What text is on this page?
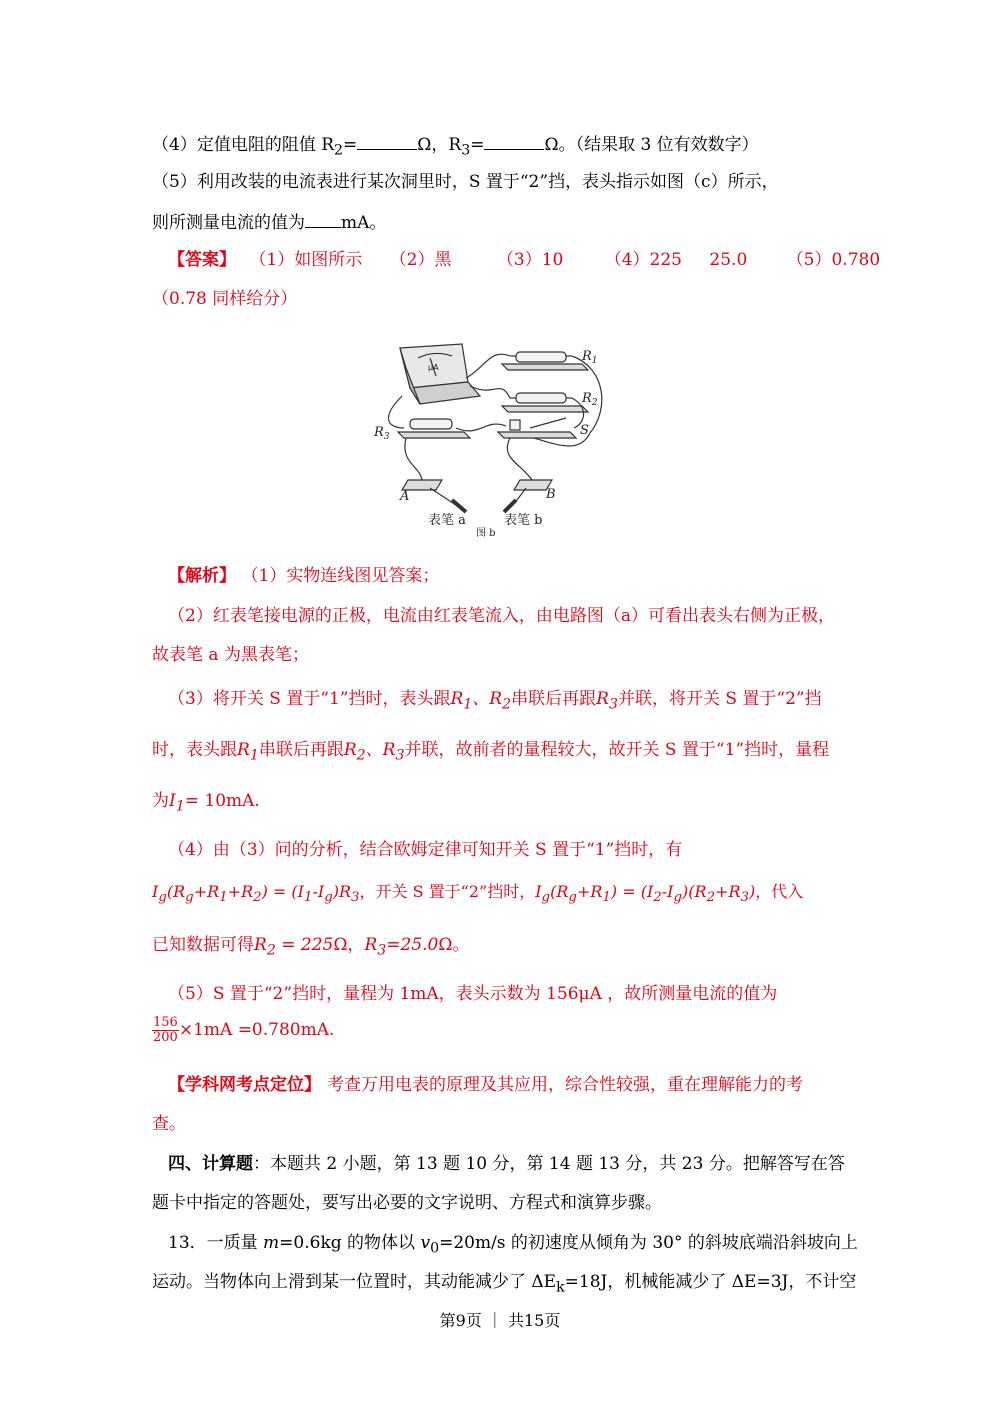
（4）定值电阻的阻值 $R_2=$	Ω，$R_3=$	Ω。（结果取 3 位有效数字）
（5）利用改装的电流表进行某次洞里时，S 置于“2”挡，表头指示如图（c）所示，
则所测量电流的值为 mA。
【答案】 （1）如图所示 （2）黑	（3）10 （4）225 25.0 （5）0.780
（0.78 同样给分）
$R_1$
$R_2$
$R_3$	S
A	B
μA
表笔 a	表笔 b
图 b
【解析】 （1）实物连线图见答案；
（2）红表笔接电源的正极，电流由红表笔流入，由电路图（a）可看出表头右侧为正极，
故表笔 a 为黑表笔；
（3）将开关 S 置于“1”挡时，表头跟$R_1$、$R_2$串联后再跟$R_3$并联，将开关 S 置于“2”挡
时，表头跟$R_1$串联后再跟$R_2$、$R_3$并联，故前者的量程较大，故开关 S 置于“1”挡时，量程
为$I_1= 10mA$.
（4）由（3）问的分析，结合欧姆定律可知开关 S 置于“1”挡时，有
$I_g(R_g+R_1+R_2) = (I_1-I_g)R_3$，开关 S 置于“2”挡时，$I_g(R_g+R_1) = (I_2-I_g)(R_2+R_3)$，代入
已知数据可得$R_2 = 225\Omega$，$R_3=25.0\Omega$。
（5）S 置于“2”挡时，量程为 1mA，表头示数为 156μA ，故所测量电流的值为
$\frac{156}{200} \times 1mA =0.780mA$.
【学科网考点定位】 考查万用电表的原理及其应用，综合性较强，重在理解能力的考
查。
四、计算题：本题共 2 小题，第 13 题 10 分，第 14 题 13 分，共 23 分。把解答写在答
题卡中指定的答题处，要写出必要的文字说明、方程式和演算步骤。
13．一质量 m=0.6kg 的物体以 $v_0=20m/s$ 的初速度从倾角为 30° 的斜坡底端沿斜坡向上
运动。当物体向上滑到某一位置时，其动能减少了 $\Delta E_k=18J$，机械能减少了 ΔE=3J，不计空
第9页 ｜ 共15页
